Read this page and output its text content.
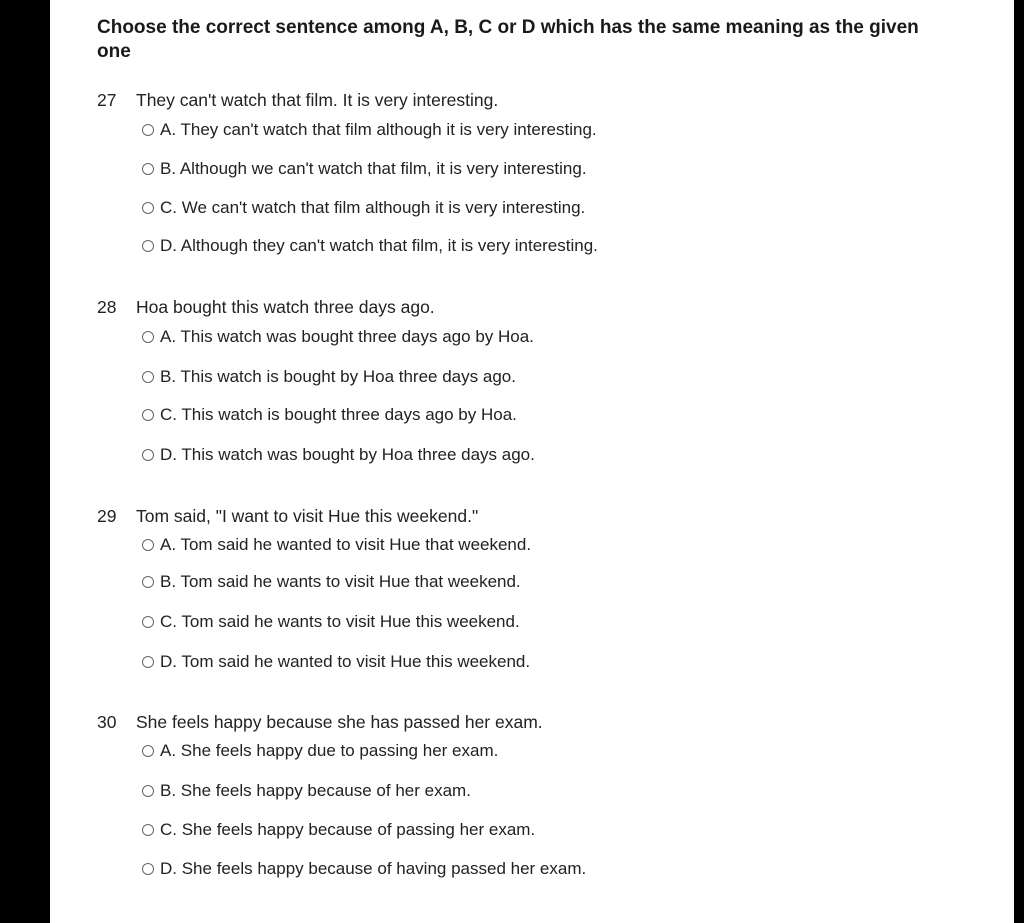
Choose the correct sentence among A, B, C or D which has the same meaning as the given one
27 They can't watch that film. It is very interesting.
A. They can't watch that film although it is very interesting.
B. Although we can't watch that film, it is very interesting.
C. We can't watch that film although it is very interesting.
D. Although they can't watch that film, it is very interesting.
28 Hoa bought this watch three days ago.
A. This watch was bought three days ago by Hoa.
B. This watch is bought by Hoa three days ago.
C. This watch is bought three days ago by Hoa.
D. This watch was bought by Hoa three days ago.
29 Tom said, "I want to visit Hue this weekend."
A. Tom said he wanted to visit Hue that weekend.
B. Tom said he wants to visit Hue that weekend.
C. Tom said he wants to visit Hue this weekend.
D. Tom said he wanted to visit Hue this weekend.
30 She feels happy because she has passed her exam.
A. She feels happy due to passing her exam.
B. She feels happy because of her exam.
C. She feels happy because of passing her exam.
D. She feels happy because of having passed her exam.
